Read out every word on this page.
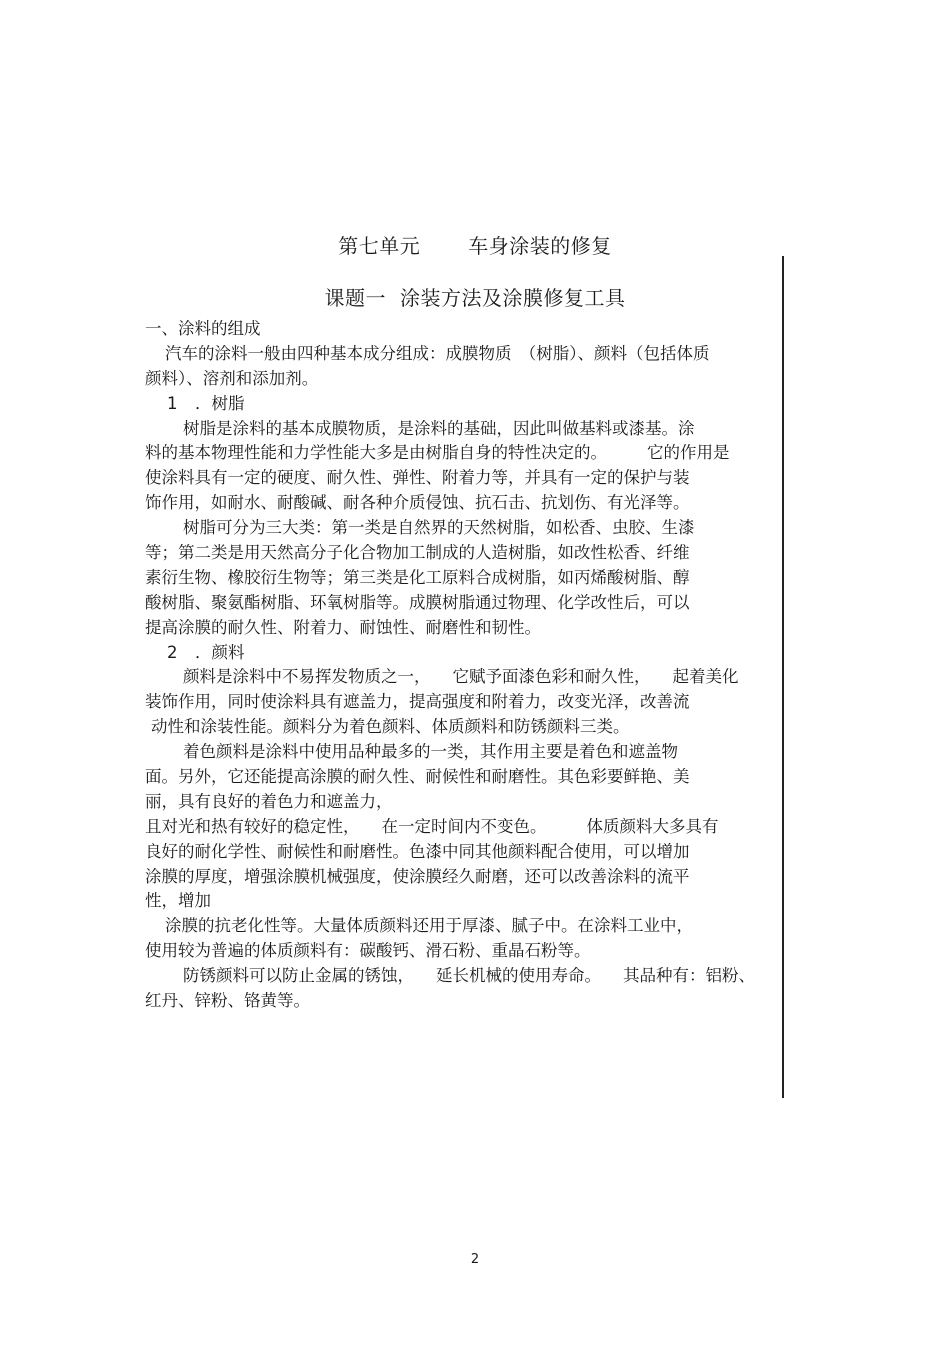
第七单元 车身涂装的修复
课题一 涂装方法及涂膜修复工具
一、涂料的组成
汽车的涂料一般由四种基本成分组成：成膜物质　（树脂）、颜料（包括体质
颜料）、溶剂和添加剂。
1 ．树脂
树脂是涂料的基本成膜物质，是涂料的基础，因此叫做基料或漆基。涂
料的基本物理性能和力学性能大多是由树脂自身的特性决定的。 它的作用是
使涂料具有一定的硬度、耐久性、弹性、附着力等，并具有一定的保护与装
饰作用，如耐水、耐酸碱、耐各种介质侵蚀、抗石击、抗划伤、有光泽等。
树脂可分为三大类：第一类是自然界的天然树脂，如松香、虫胶、生漆
等；第二类是用天然高分子化合物加工制成的人造树脂，如改性松香、纤维
素衍生物、橡胶衍生物等；第三类是化工原料合成树脂，如丙烯酸树脂、醇
酸树脂、聚氨酯树脂、环氧树脂等。成膜树脂通过物理、化学改性后，可以
提高涂膜的耐久性、附着力、耐蚀性、耐磨性和韧性。
2 ．颜料
颜料是涂料中不易挥发物质之一， 它赋予面漆色彩和耐久性， 起着美化
装饰作用，同时使涂料具有遮盖力，提高强度和附着力，改变光泽，改善流
动性和涂装性能。颜料分为着色颜料、体质颜料和防锈颜料三类。
着色颜料是涂料中使用品种最多的一类，其作用主要是着色和遮盖物
面。另外，它还能提高涂膜的耐久性、耐候性和耐磨性。其色彩要鲜艳、美
丽，具有良好的着色力和遮盖力，
且对光和热有较好的稳定性， 在一定时间内不变色。 体质颜料大多具有
良好的耐化学性、耐候性和耐磨性。色漆中同其他颜料配合使用，可以增加
涂膜的厚度，增强涂膜机械强度，使涂膜经久耐磨，还可以改善涂料的流平
性，增加
涂膜的抗老化性等。大量体质颜料还用于厚漆、腻子中。在涂料工业中，
使用较为普遍的体质颜料有：碳酸钙、滑石粉、重晶石粉等。
防锈颜料可以防止金属的锈蚀， 延长机械的使用寿命。 其品种有：铝粉、
红丹、锌粉、铬黄等。
2
